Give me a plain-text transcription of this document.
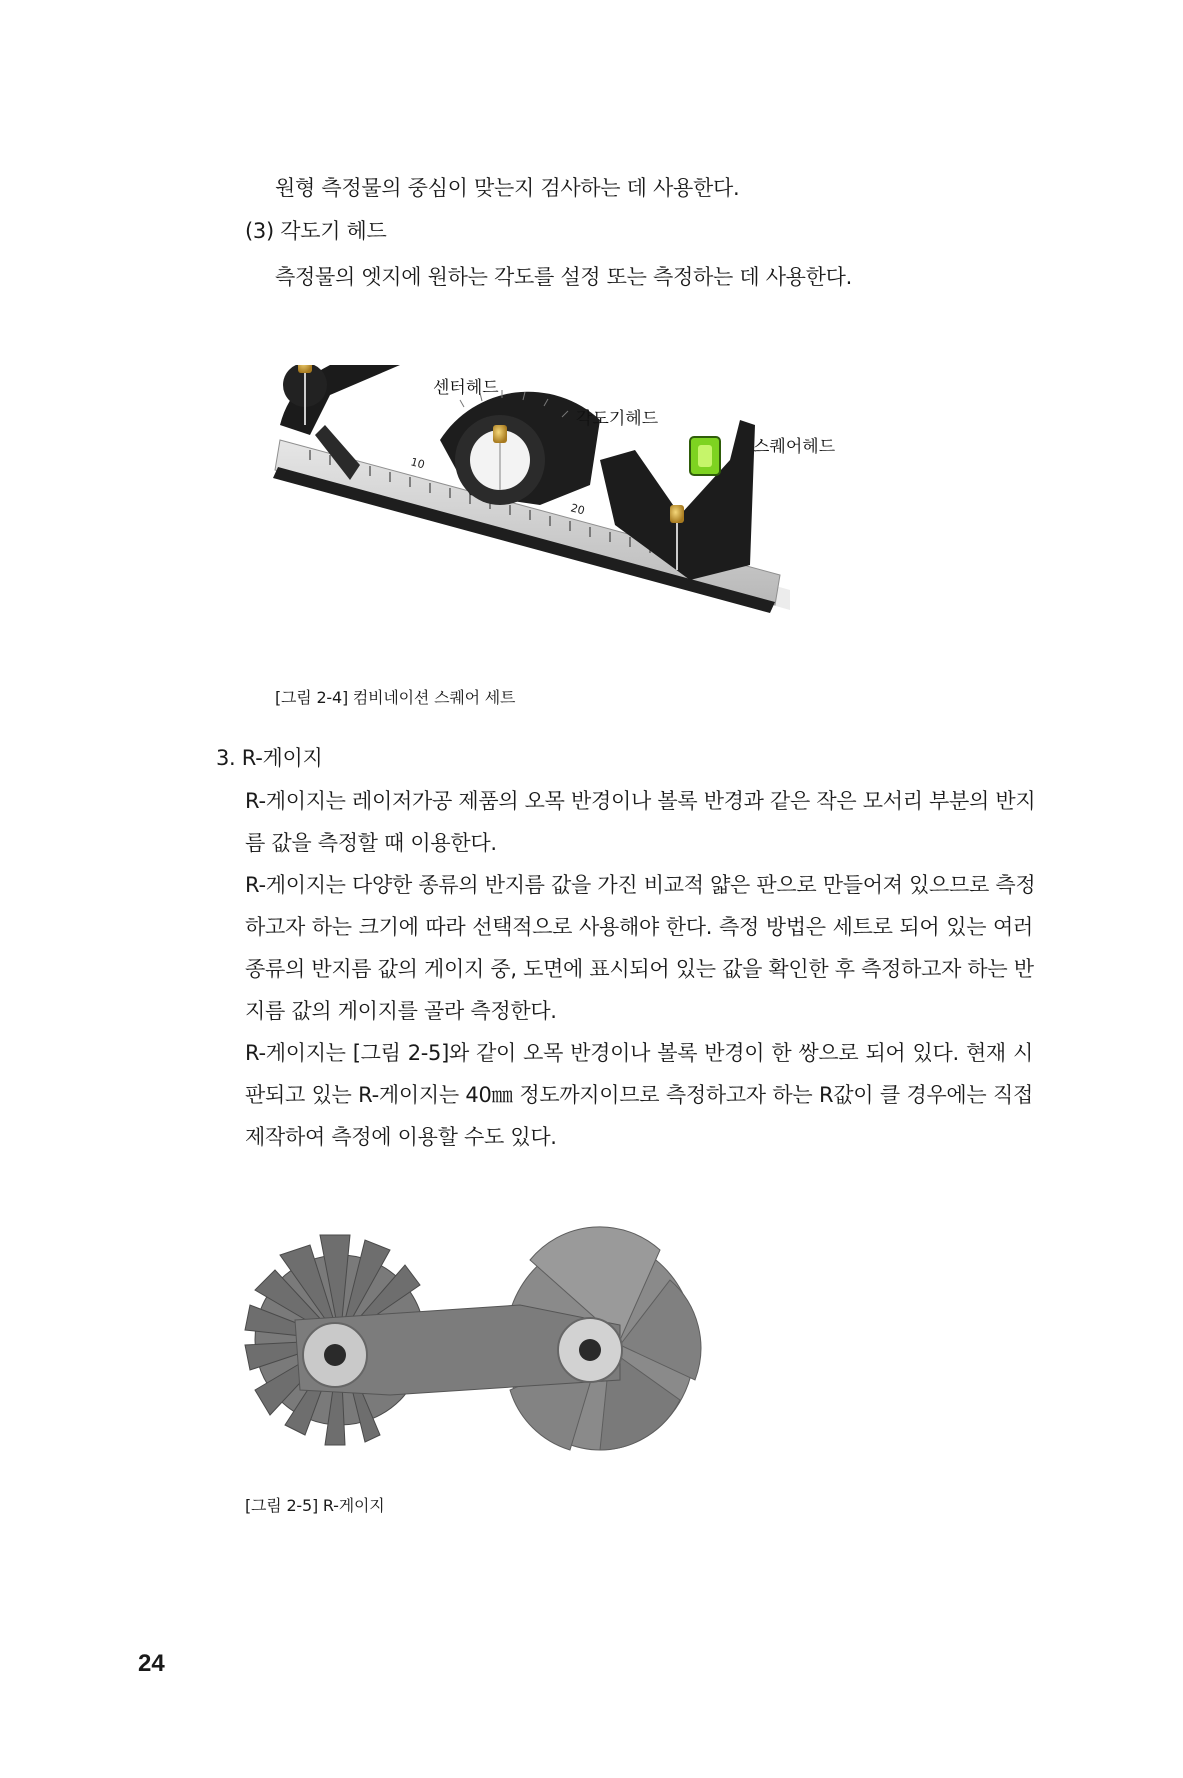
원형 측정물의 중심이 맞는지 검사하는 데 사용한다.
(3) 각도기 헤드
측정물의 엣지에 원하는 각도를 설정 또는 측정하는 데 사용한다.
10
20
센터헤드
각도기헤드
스퀘어헤드
[그림 2-4] 컴비네이션 스퀘어 세트
3. R-게이지
R-게이지는 레이저가공 제품의 오목 반경이나 볼록 반경과 같은 작은 모서리 부분의 반지
름 값을 측정할 때 이용한다.
R-게이지는 다양한 종류의 반지름 값을 가진 비교적 얇은 판으로 만들어져 있으므로 측정
하고자 하는 크기에 따라 선택적으로 사용해야 한다. 측정 방법은 세트로 되어 있는 여러
종류의 반지름 값의 게이지 중, 도면에 표시되어 있는 값을 확인한 후 측정하고자 하는 반
지름 값의 게이지를 골라 측정한다.
R-게이지는 [그림 2-5]와 같이 오목 반경이나 볼록 반경이 한 쌍으로 되어 있다. 현재 시
판되고 있는 R-게이지는 40㎜ 정도까지이므로 측정하고자 하는 R값이 클 경우에는 직접
제작하여 측정에 이용할 수도 있다.
[그림 2-5] R-게이지
24
